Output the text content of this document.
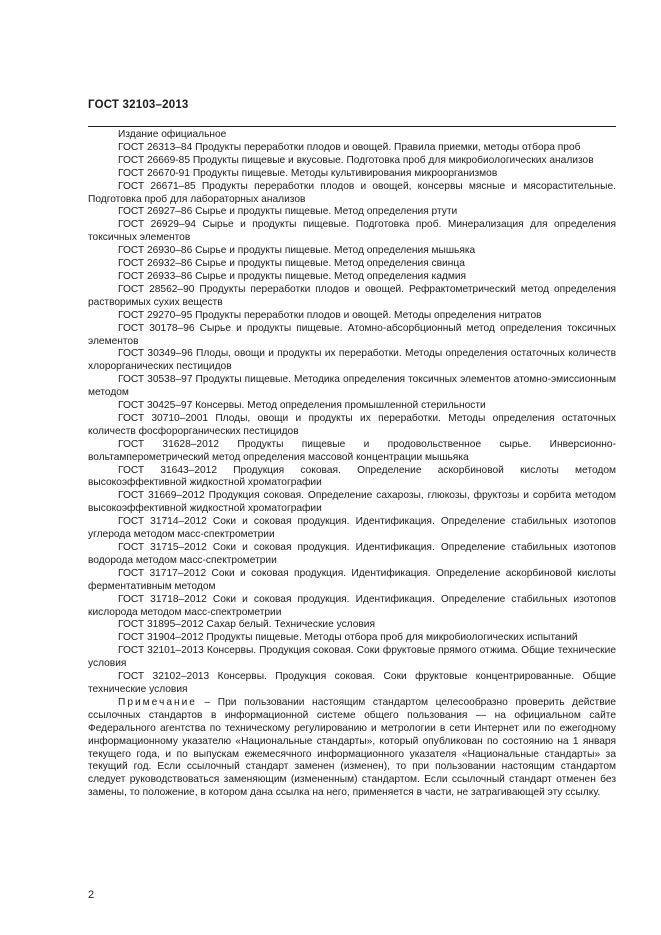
ГОСТ 32103–2013

Издание официальное

ГОСТ 26313–84 Продукты переработки плодов и овощей. Правила приемки, методы отбора проб

ГОСТ 26669-85 Продукты пищевые и вкусовые. Подготовка проб для микробиологических анализов

ГОСТ 26670-91 Продукты пищевые. Методы культивирования микроорганизмов

ГОСТ 26671–85 Продукты переработки плодов и овощей, консервы мясные и мясорастительные. Подготовка проб для лабораторных анализов

ГОСТ 26927–86 Сырье и продукты пищевые. Метод определения ртути

ГОСТ 26929–94 Сырье и продукты пищевые. Подготовка проб. Минерализация для определения токсичных элементов

ГОСТ 26930–86 Сырье и продукты пищевые. Метод определения мышьяка

ГОСТ 26932–86 Сырье и продукты пищевые. Метод определения свинца

ГОСТ 26933–86 Сырье и продукты пищевые. Метод определения кадмия

ГОСТ 28562–90 Продукты переработки плодов и овощей. Рефрактометрический метод определения растворимых сухих веществ

ГОСТ 29270–95 Продукты переработки плодов и овощей. Методы определения нитратов

ГОСТ 30178–96 Сырье и продукты пищевые. Атомно-абсорбционный метод определения токсичных элементов

ГОСТ 30349–96 Плоды, овощи и продукты их переработки. Методы определения остаточных количеств хлорорганических пестицидов

ГОСТ 30538–97 Продукты пищевые. Методика определения токсичных элементов атомно-эмиссионным методом

ГОСТ 30425–97 Консервы. Метод определения промышленной стерильности

ГОСТ 30710–2001 Плоды, овощи и продукты их переработки. Методы определения остаточных количеств фосфорорганических пестицидов

ГОСТ 31628–2012 Продукты пищевые и продовольственное сырье. Инверсионно-вольтамперометрический метод определения массовой концентрации мышьяка

ГОСТ 31643–2012 Продукция соковая. Определение аскорбиновой кислоты методом высокоэффективной жидкостной хроматографии

ГОСТ 31669–2012 Продукция соковая. Определение сахарозы, глюкозы, фруктозы и сорбита методом высокоэффективной жидкостной хроматографии

ГОСТ 31714–2012 Соки и соковая продукция. Идентификация. Определение стабильных изотопов углерода методом масс-спектрометрии

ГОСТ 31715–2012 Соки и соковая продукция. Идентификация. Определение стабильных изотопов водорода методом масс-спектрометрии

ГОСТ 31717–2012 Соки и соковая продукция. Идентификация. Определение аскорбиновой кислоты ферментативным методом

ГОСТ 31718–2012 Соки и соковая продукция. Идентификация. Определение стабильных изотопов кислорода методом масс-спектрометрии

ГОСТ 31895–2012 Сахар белый. Технические условия

ГОСТ 31904–2012 Продукты пищевые. Методы отбора проб для микробиологических испытаний

ГОСТ 32101–2013 Консервы. Продукция соковая. Соки фруктовые прямого отжима. Общие технические условия

ГОСТ 32102–2013 Консервы. Продукция соковая. Соки фруктовые концентрированные. Общие технические условия

Примечание – При пользовании настоящим стандартом целесообразно проверить действие ссылочных стандартов в информационной системе общего пользования — на официальном сайте Федерального агентства по техническому регулированию и метрологии в сети Интернет или по ежегодному информационному указателю «Национальные стандарты», который опубликован по состоянию на 1 января текущего года, и по выпускам ежемесячного информационного указателя «Национальные стандарты» за текущий год. Если ссылочный стандарт заменен (изменен), то при пользовании настоящим стандартом следует руководствоваться заменяющим (измененным) стандартом. Если ссылочный стандарт отменен без замены, то положение, в котором дана ссылка на него, применяется в части, не затрагивающей эту ссылку.

2
